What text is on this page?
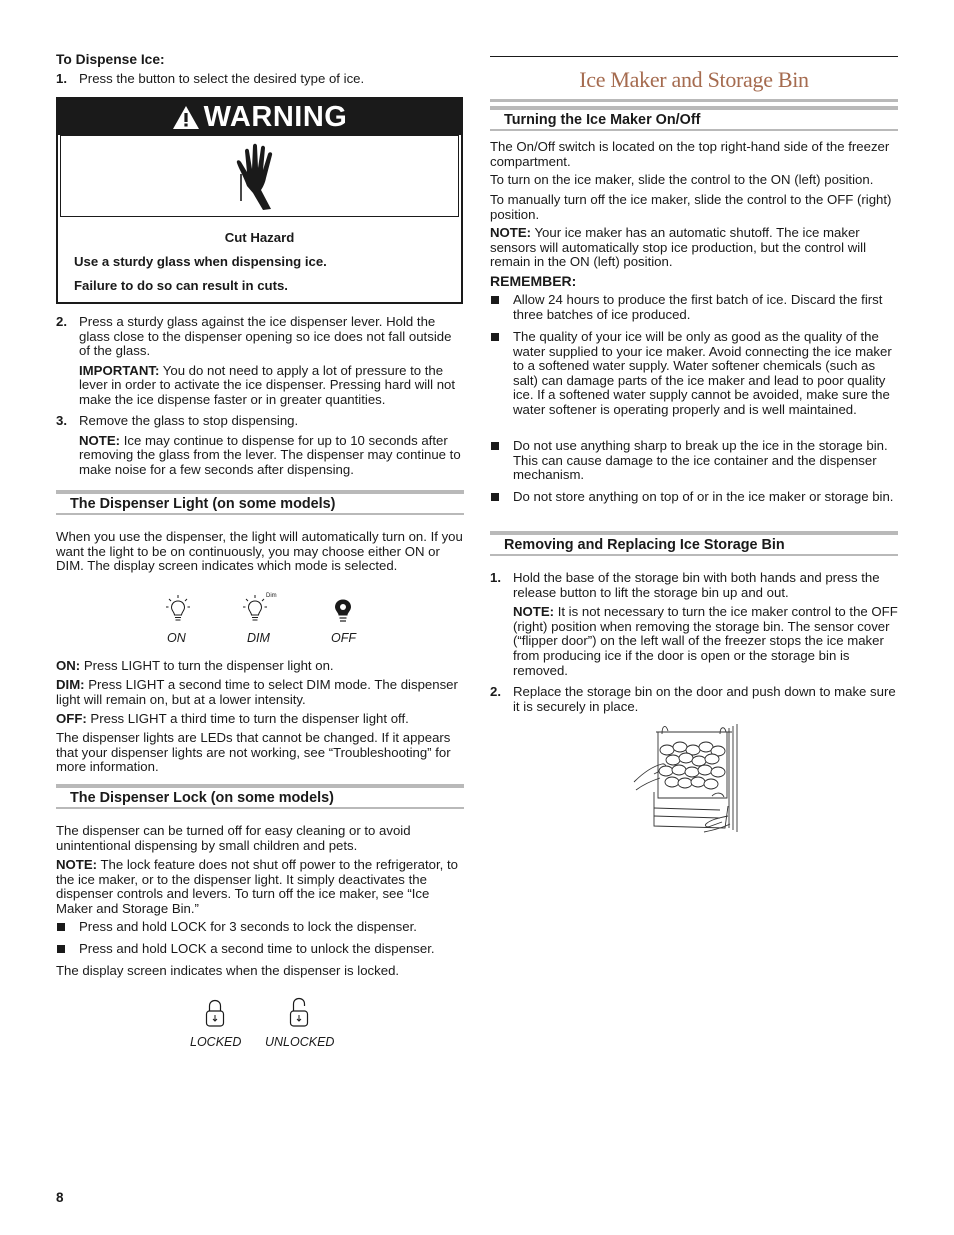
To Dispense Ice:

1. Press the button to select the desired type of ice.
WARNING

Cut Hazard

Use a sturdy glass when dispensing ice.

Failure to do so can result in cuts.

2. Press a sturdy glass against the ice dispenser lever. Hold the glass close to the dispenser opening so ice does not fall outside of the glass.

IMPORTANT: You do not need to apply a lot of pressure to the lever in order to activate the ice dispenser. Pressing hard will not make the ice dispense faster or in greater quantities.

3. Remove the glass to stop dispensing.

NOTE: Ice may continue to dispense for up to 10 seconds after removing the glass from the lever. The dispenser may continue to make noise for a few seconds after dispensing.

The Dispenser Light (on some models)

When you use the dispenser, the light will automatically turn on. If you want the light to be on continuously, you may choose either ON or DIM. The display screen indicates which mode is selected.

Dim
ON	DIM	OFF

ON: Press LIGHT to turn the dispenser light on.

DIM: Press LIGHT a second time to select DIM mode. The dispenser light will remain on, but at a lower intensity.

OFF: Press LIGHT a third time to turn the dispenser light off.

The dispenser lights are LEDs that cannot be changed. If it appears that your dispenser lights are not working, see “Troubleshooting” for more information.

The Dispenser Lock (on some models)

The dispenser can be turned off for easy cleaning or to avoid unintentional dispensing by small children and pets.

NOTE: The lock feature does not shut off power to the refrigerator, to the ice maker, or to the dispenser light. It simply deactivates the dispenser controls and levers. To turn off the ice maker, see “Ice Maker and Storage Bin.”

Press and hold LOCK for 3 seconds to lock the dispenser.
Press and hold LOCK a second time to unlock the dispenser.

The display screen indicates when the dispenser is locked.

LOCKED UNLOCKED
Ice Maker and Storage Bin
Turning the Ice Maker On/Off

The On/Off switch is located on the top right-hand side of the freezer compartment.

To turn on the ice maker, slide the control to the ON (left) position.

To manually turn off the ice maker, slide the control to the OFF (right) position.

NOTE: Your ice maker has an automatic shutoff. The ice maker sensors will automatically stop ice production, but the control will remain in the ON (left) position.

REMEMBER:

Allow 24 hours to produce the first batch of ice. Discard the first three batches of ice produced.

The quality of your ice will be only as good as the quality of the water supplied to your ice maker. Avoid connecting the ice maker to a softened water supply. Water softener chemicals (such as salt) can damage parts of the ice maker and lead to poor quality ice. If a softened water supply cannot be avoided, make sure the water softener is operating properly and is well maintained.

Do not use anything sharp to break up the ice in the storage bin. This can cause damage to the ice container and the dispenser mechanism.

Do not store anything on top of or in the ice maker or storage bin.

Removing and Replacing Ice Storage Bin
1. Hold the base of the storage bin with both hands and press the release button to lift the storage bin up and out.

NOTE: It is not necessary to turn the ice maker control to the OFF (right) position when removing the storage bin. The sensor cover (“flipper door”) on the left wall of the freezer stops the ice maker from producing ice if the door is open or the storage bin is removed.

2. Replace the storage bin on the door and push down to make sure it is securely in place.

8
